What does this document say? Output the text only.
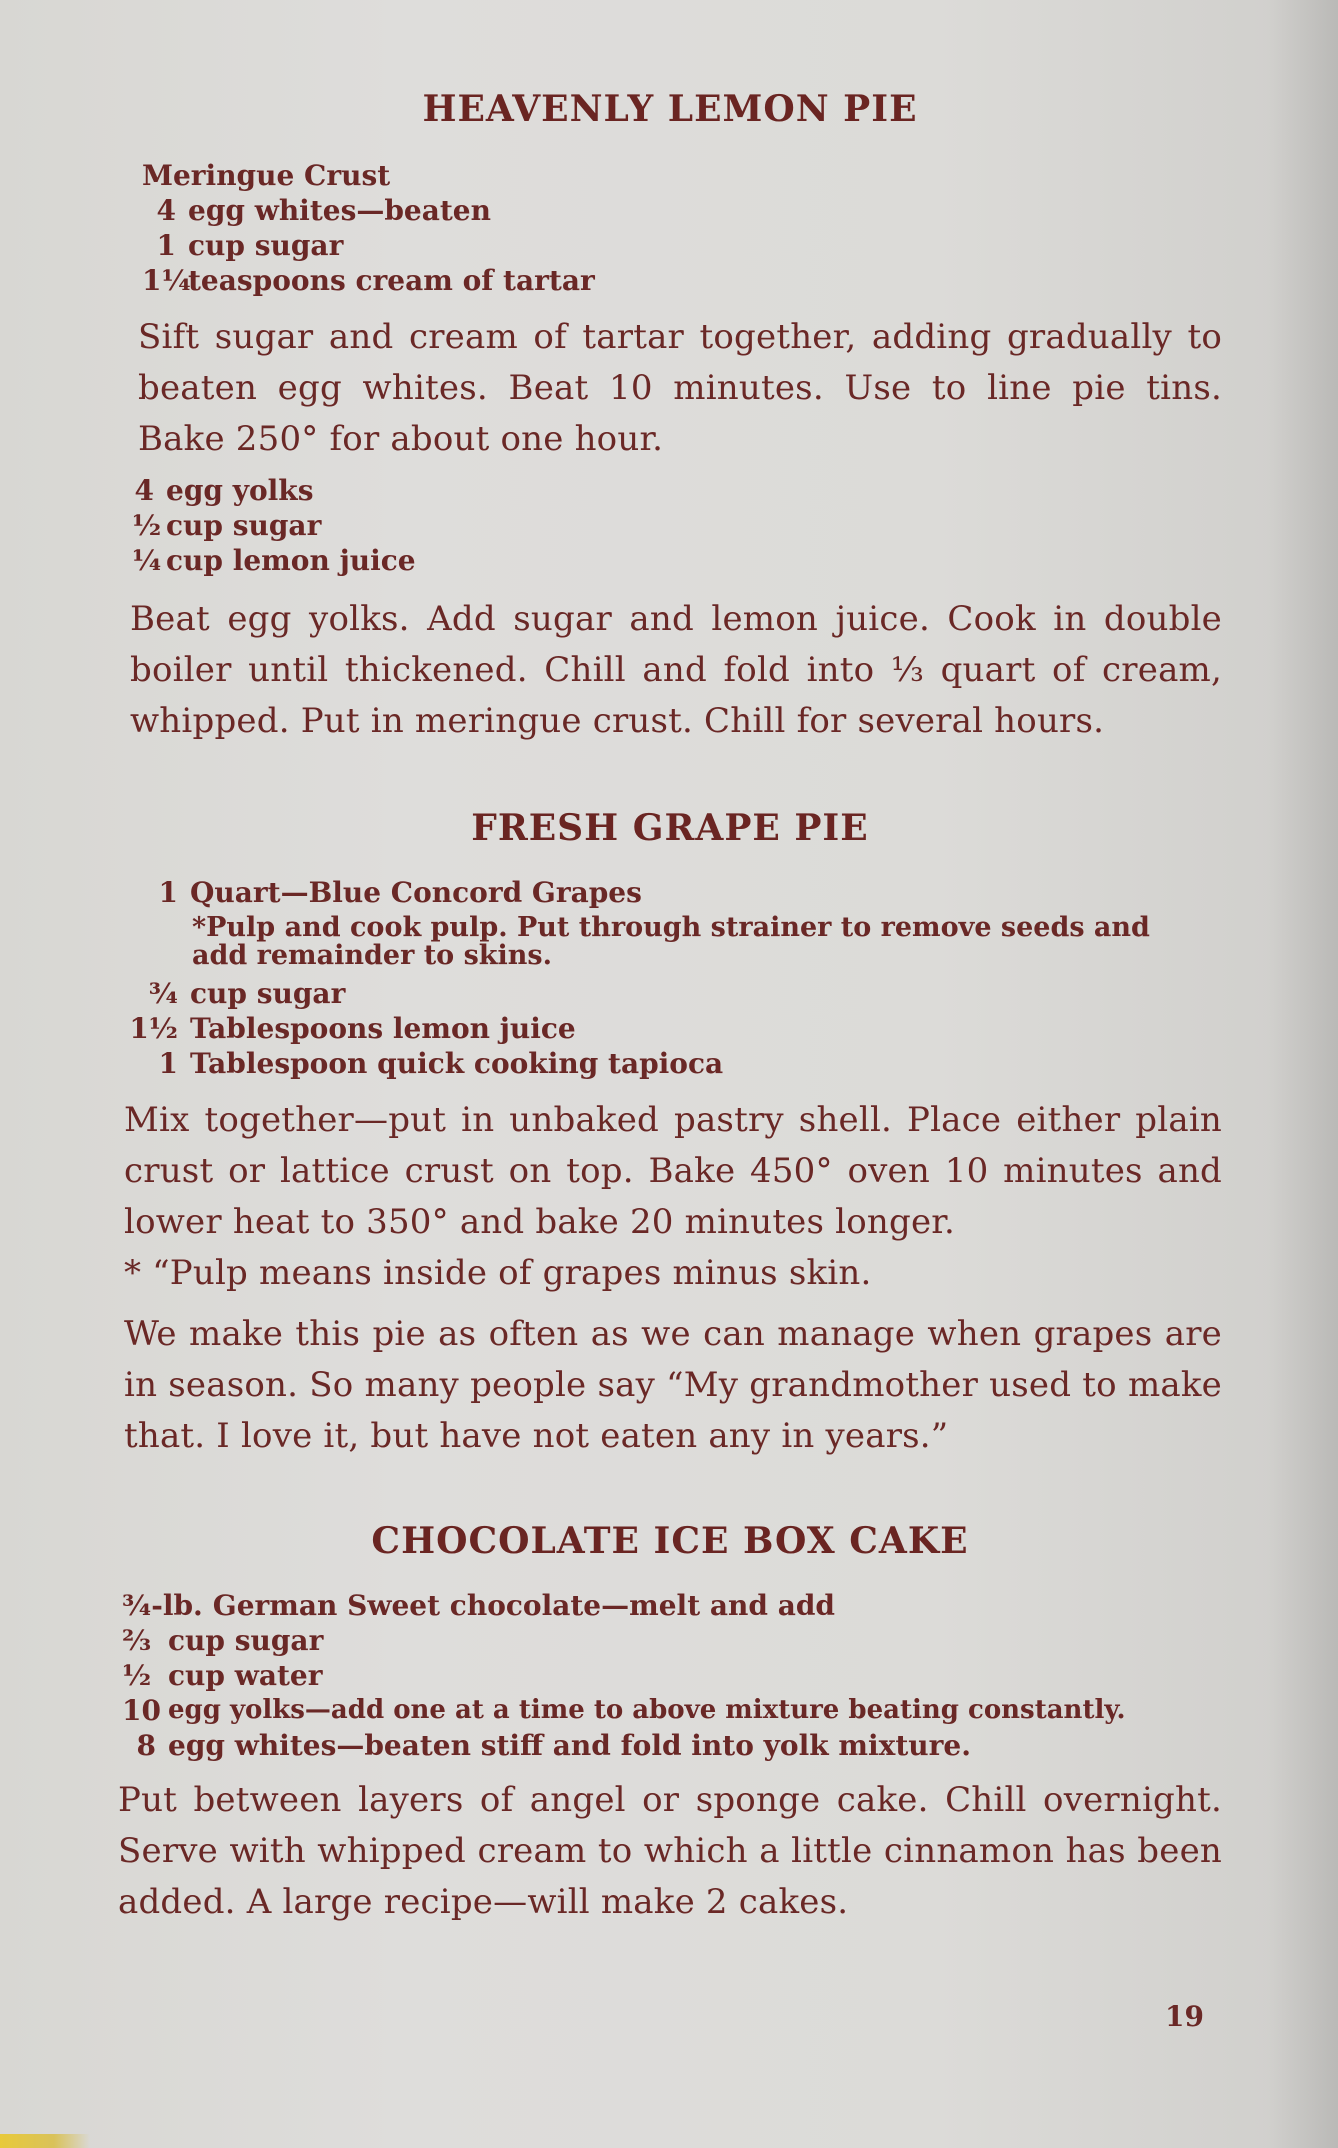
HEAVENLY LEMON PIE
Meringue Crust
4 egg whites—beaten
1 cup sugar
1¼
teaspoons cream of tartar

Sift sugar and cream of tartar together, adding gradually to beaten egg whites. Beat 10 minutes. Use to line pie tins. Bake 250° for about one hour.

4 egg yolks
½ cup sugar
¼ cup lemon juice

Beat egg yolks. Add sugar and lemon juice. Cook in double boiler until thickened. Chill and fold into ⅓ quart of cream, whipped. Put in meringue crust. Chill for several hours.

FRESH GRAPE PIE
1 Quart—Blue Concord Grapes
*Pulp and cook pulp. Put through strainer to remove seeds and add remainder to skins.
¾ cup sugar
1½ Tablespoons lemon juice
1 Tablespoon quick cooking tapioca

Mix together—put in unbaked pastry shell. Place either plain crust or lattice crust on top. Bake 450° oven 10 minutes and lower heat to 350° and bake 20 minutes longer.

* “Pulp means inside of grapes minus skin.

We make this pie as often as we can manage when grapes are in season. So many people say “My grandmother used to make that. I love it, but have not eaten any in years.”

CHOCOLATE ICE BOX CAKE
¾-lb. German Sweet chocolate—melt and add
⅔ cup sugar
½ cup water
10 egg yolks—add one at a time to above mixture beating constantly.
8 egg whites—beaten stiff and fold into yolk mixture.

Put between layers of angel or sponge cake. Chill overnight. Serve with whipped cream to which a little cinnamon has been added. A large recipe—will make 2 cakes.

19
